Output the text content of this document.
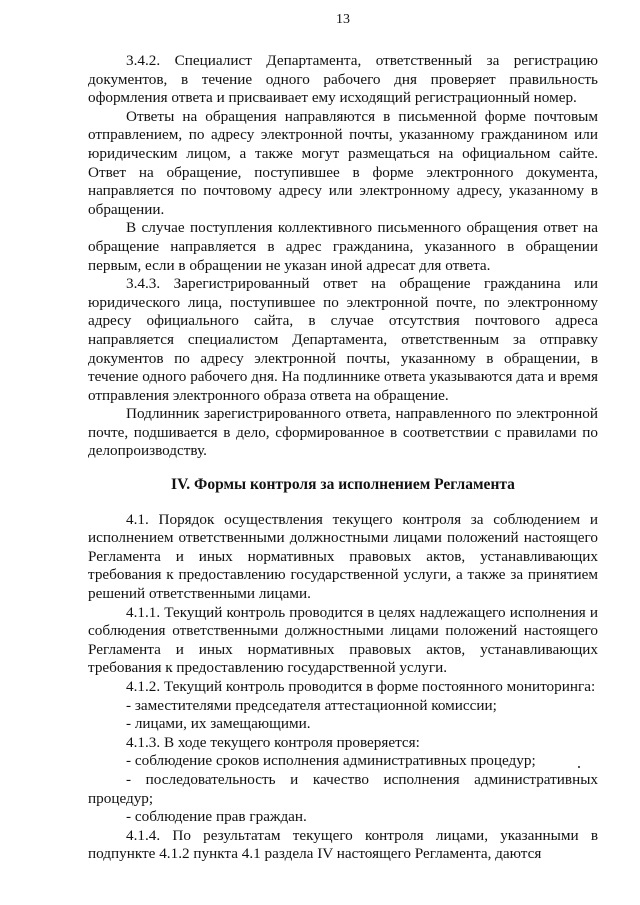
13

3.4.2. Специалист Департамента, ответственный за регистрацию документов, в течение одного рабочего дня проверяет правильность оформления ответа и присваивает ему исходящий регистрационный номер.

Ответы на обращения направляются в письменной форме почтовым отправлением, по адресу электронной почты, указанному гражданином или юридическим лицом, а также могут размещаться на официальном сайте. Ответ на обращение, поступившее в форме электронного документа, направляется по почтовому адресу или электронному адресу, указанному в обращении.

В случае поступления коллективного письменного обращения ответ на обращение направляется в адрес гражданина, указанного в обращении первым, если в обращении не указан иной адресат для ответа.

3.4.3. Зарегистрированный ответ на обращение гражданина или юридического лица, поступившее по электронной почте, по электронному адресу официального сайта, в случае отсутствия почтового адреса направляется специалистом Департамента, ответственным за отправку документов по адресу электронной почты, указанному в обращении, в течение одного рабочего дня. На подлиннике ответа указываются дата и время отправления электронного образа ответа на обращение.

Подлинник зарегистрированного ответа, направленного по электронной почте, подшивается в дело, сформированное в соответствии с правилами по делопроизводству.

IV. Формы контроля за исполнением Регламента

4.1. Порядок осуществления текущего контроля за соблюдением и исполнением ответственными должностными лицами положений настоящего Регламента и иных нормативных правовых актов, устанавливающих требования к предоставлению государственной услуги, а также за принятием решений ответственными лицами.

4.1.1. Текущий контроль проводится в целях надлежащего исполнения и соблюдения ответственными должностными лицами положений настоящего Регламента и иных нормативных правовых актов, устанавливающих требования к предоставлению государственной услуги.

4.1.2. Текущий контроль проводится в форме постоянного мониторинга:

- заместителями председателя аттестационной комиссии;

- лицами, их замещающими.

4.1.3. В ходе текущего контроля проверяется:

- соблюдение сроков исполнения административных процедур;

- последовательность и качество исполнения административных процедур;

- соблюдение прав граждан.

4.1.4. По результатам текущего контроля лицами, указанными в подпункте 4.1.2 пункта 4.1 раздела IV настоящего Регламента, даются
